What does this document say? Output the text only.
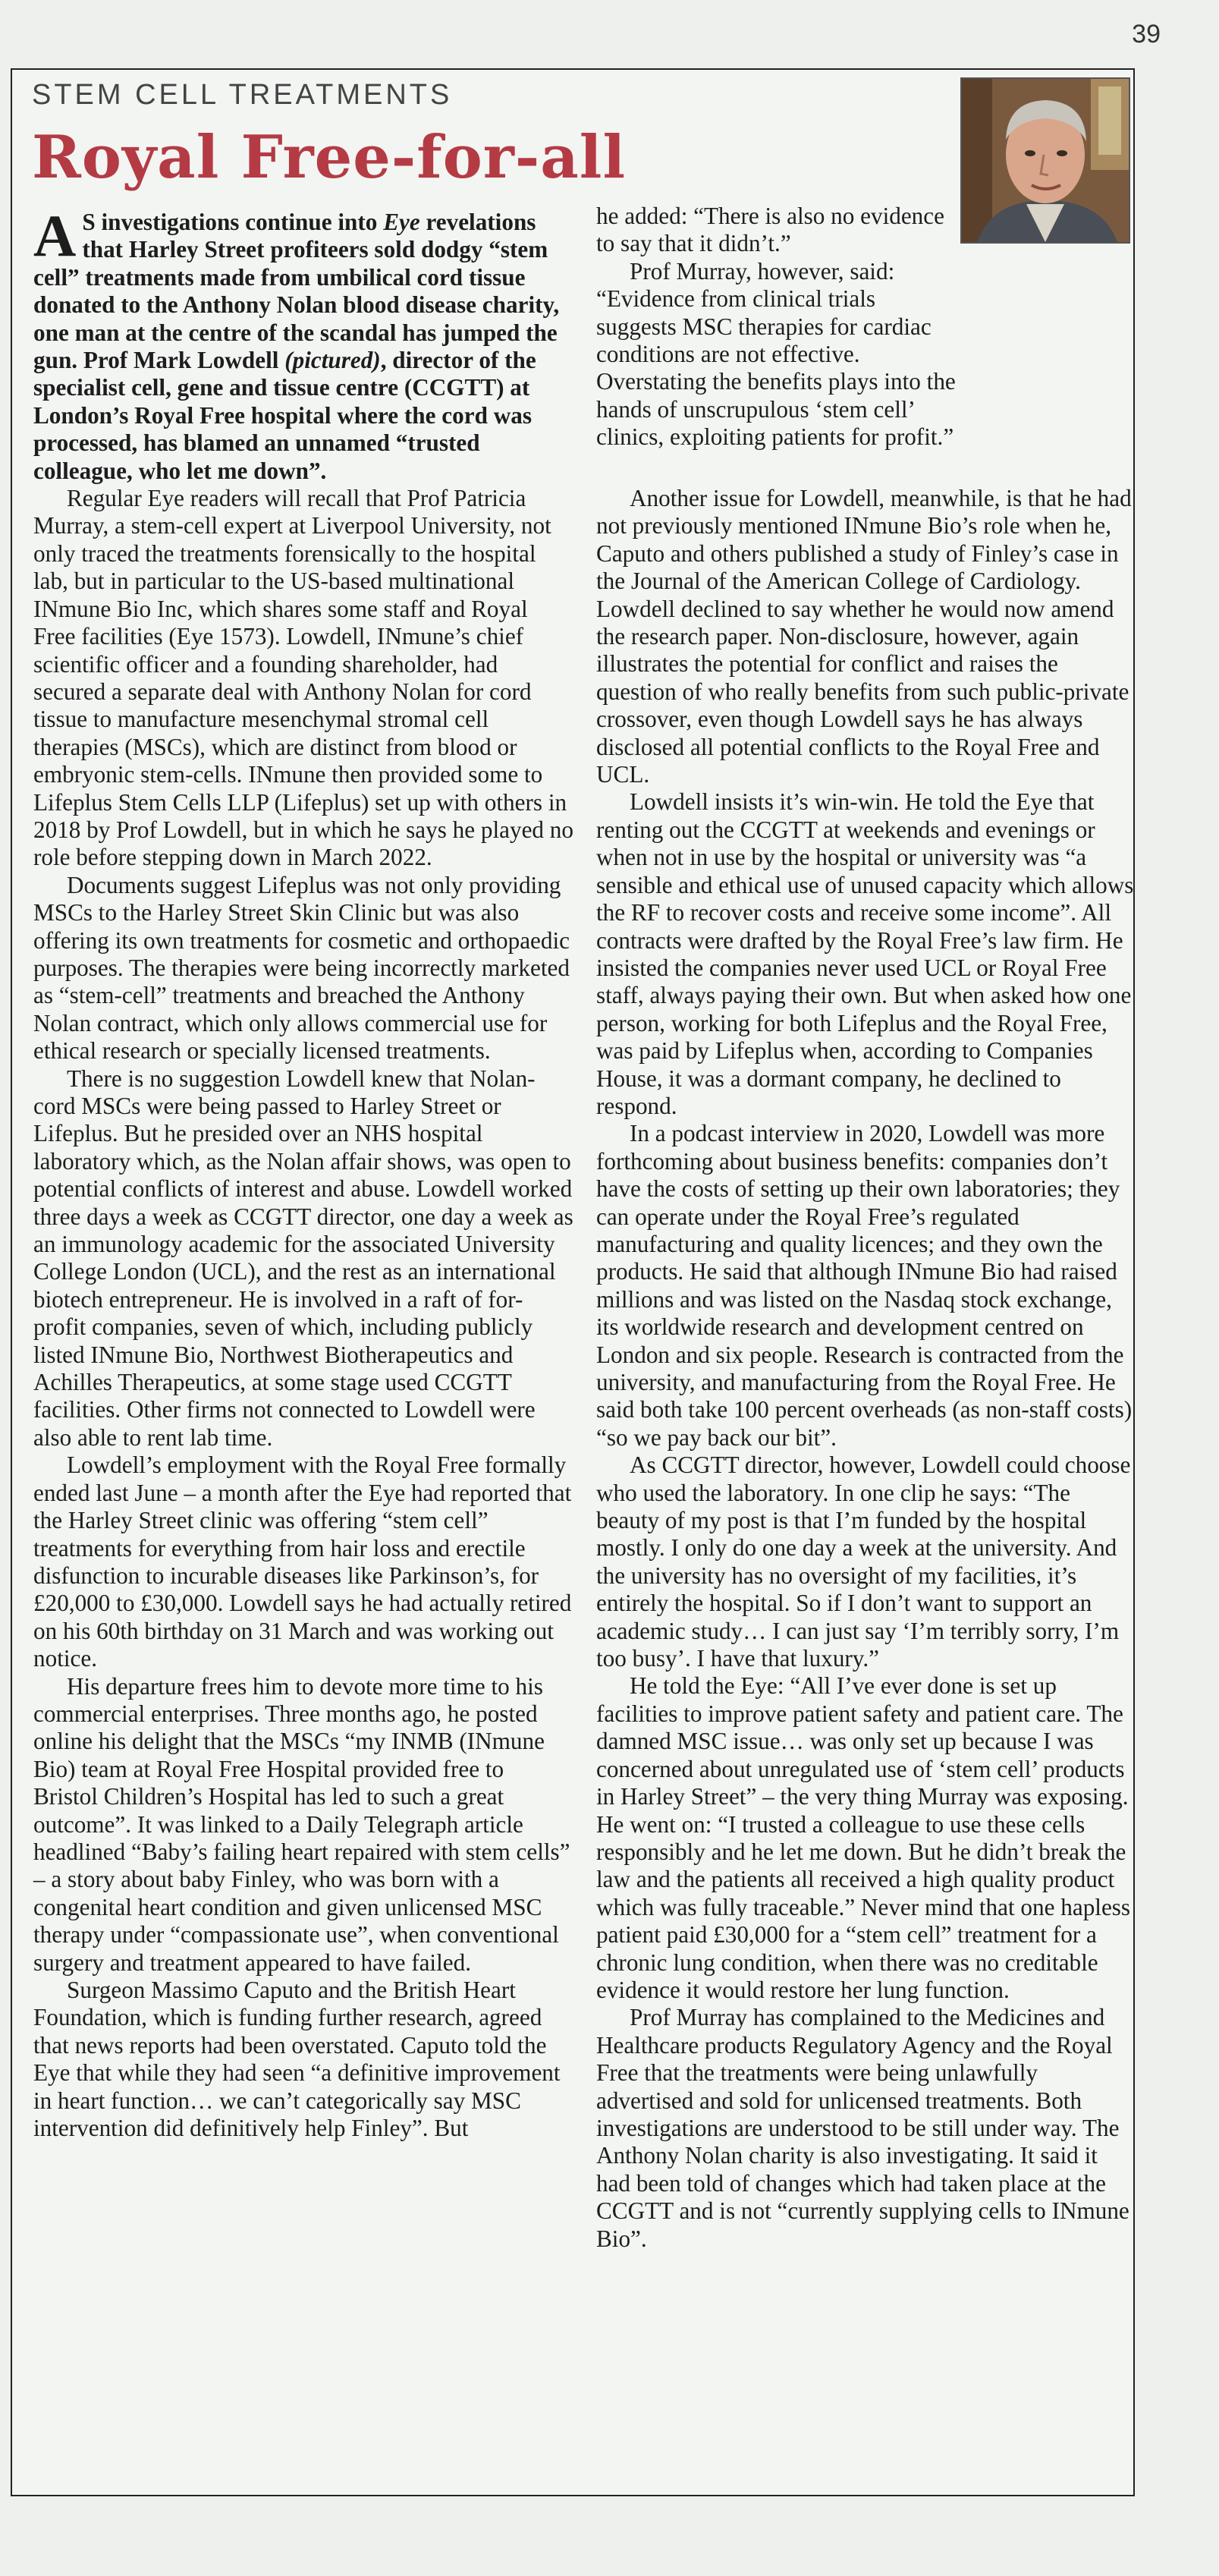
39
STEM CELL TREATMENTS
Royal Free-for-all
A S investigations continue into Eye revelations that Harley Street profiteers sold dodgy “stem cell” treatments made from umbilical cord tissue donated to the Anthony Nolan blood disease charity, one man at the centre of the scandal has jumped the gun. Prof Mark Lowdell (pictured), director of the specialist cell, gene and tissue centre (CCGTT) at London’s Royal Free hospital where the cord was processed, has blamed an unnamed “trusted colleague, who let me down”.

Regular Eye readers will recall that Prof Patricia Murray, a stem-cell expert at Liverpool University, not only traced the treatments forensically to the hospital lab, but in particular to the US-based multinational INmune Bio Inc, which shares some staff and Royal Free facilities (Eye 1573). Lowdell, INmune’s chief scientific officer and a founding shareholder, had secured a separate deal with Anthony Nolan for cord tissue to manufacture mesenchymal stromal cell therapies (MSCs), which are distinct from blood or embryonic stem-cells. INmune then provided some to Lifeplus Stem Cells LLP (Lifeplus) set up with others in 2018 by Prof Lowdell, but in which he says he played no role before stepping down in March 2022.

Documents suggest Lifeplus was not only providing MSCs to the Harley Street Skin Clinic but was also offering its own treatments for cosmetic and orthopaedic purposes. The therapies were being incorrectly marketed as “stem-cell” treatments and breached the Anthony Nolan contract, which only allows commercial use for ethical research or specially licensed treatments.

There is no suggestion Lowdell knew that Nolan-cord MSCs were being passed to Harley Street or Lifeplus. But he presided over an NHS hospital laboratory which, as the Nolan affair shows, was open to potential conflicts of interest and abuse. Lowdell worked three days a week as CCGTT director, one day a week as an immunology academic for the associated University College London (UCL), and the rest as an international biotech entrepreneur. He is involved in a raft of for-profit companies, seven of which, including publicly listed INmune Bio, Northwest Biotherapeutics and Achilles Therapeutics, at some stage used CCGTT facilities. Other firms not connected to Lowdell were also able to rent lab time.

Lowdell’s employment with the Royal Free formally ended last June – a month after the Eye had reported that the Harley Street clinic was offering “stem cell” treatments for everything from hair loss and erectile disfunction to incurable diseases like Parkinson’s, for £20,000 to £30,000. Lowdell says he had actually retired on his 60th birthday on 31 March and was working out notice.

His departure frees him to devote more time to his commercial enterprises. Three months ago, he posted online his delight that the MSCs “my INMB (INmune Bio) team at Royal Free Hospital provided free to Bristol Children’s Hospital has led to such a great outcome”. It was linked to a Daily Telegraph article headlined “Baby’s failing heart repaired with stem cells” – a story about baby Finley, who was born with a congenital heart condition and given unlicensed MSC therapy under “compassionate use”, when conventional surgery and treatment appeared to have failed.

Surgeon Massimo Caputo and the British Heart Foundation, which is funding further research, agreed that news reports had been overstated. Caputo told the Eye that while they had seen “a definitive improvement in heart function… we can’t categorically say MSC intervention did definitively help Finley”. But

he added: “There is also no evidence to say that it didn’t.”

Prof Murray, however, said: “Evidence from clinical trials suggests MSC therapies for cardiac conditions are not effective. Overstating the benefits plays into the hands of unscrupulous ‘stem cell’ clinics, exploiting patients for profit.”

Another issue for Lowdell, meanwhile, is that he had not previously mentioned INmune Bio’s role when he, Caputo and others published a study of Finley’s case in the Journal of the American College of Cardiology. Lowdell declined to say whether he would now amend the research paper. Non-disclosure, however, again illustrates the potential for conflict and raises the question of who really benefits from such public-private crossover, even though Lowdell says he has always disclosed all potential conflicts to the Royal Free and UCL.

Lowdell insists it’s win-win. He told the Eye that renting out the CCGTT at weekends and evenings or when not in use by the hospital or university was “a sensible and ethical use of unused capacity which allows the RF to recover costs and receive some income”. All contracts were drafted by the Royal Free’s law firm. He insisted the companies never used UCL or Royal Free staff, always paying their own. But when asked how one person, working for both Lifeplus and the Royal Free, was paid by Lifeplus when, according to Companies House, it was a dormant company, he declined to respond.

In a podcast interview in 2020, Lowdell was more forthcoming about business benefits: companies don’t have the costs of setting up their own laboratories; they can operate under the Royal Free’s regulated manufacturing and quality licences; and they own the products. He said that although INmune Bio had raised millions and was listed on the Nasdaq stock exchange, its worldwide research and development centred on London and six people. Research is contracted from the university, and manufacturing from the Royal Free. He said both take 100 percent overheads (as non-staff costs) “so we pay back our bit”.

As CCGTT director, however, Lowdell could choose who used the laboratory. In one clip he says: “The beauty of my post is that I’m funded by the hospital mostly. I only do one day a week at the university. And the university has no oversight of my facilities, it’s entirely the hospital. So if I don’t want to support an academic study… I can just say ‘I’m terribly sorry, I’m too busy’. I have that luxury.”

He told the Eye: “All I’ve ever done is set up facilities to improve patient safety and patient care. The damned MSC issue… was only set up because I was concerned about unregulated use of ‘stem cell’ products in Harley Street” – the very thing Murray was exposing. He went on: “I trusted a colleague to use these cells responsibly and he let me down. But he didn’t break the law and the patients all received a high quality product which was fully traceable.” Never mind that one hapless patient paid £30,000 for a “stem cell” treatment for a chronic lung condition, when there was no creditable evidence it would restore her lung function.

Prof Murray has complained to the Medicines and Healthcare products Regulatory Agency and the Royal Free that the treatments were being unlawfully advertised and sold for unlicensed treatments. Both investigations are understood to be still under way. The Anthony Nolan charity is also investigating. It said it had been told of changes which had taken place at the CCGTT and is not “currently supplying cells to INmune Bio”.
